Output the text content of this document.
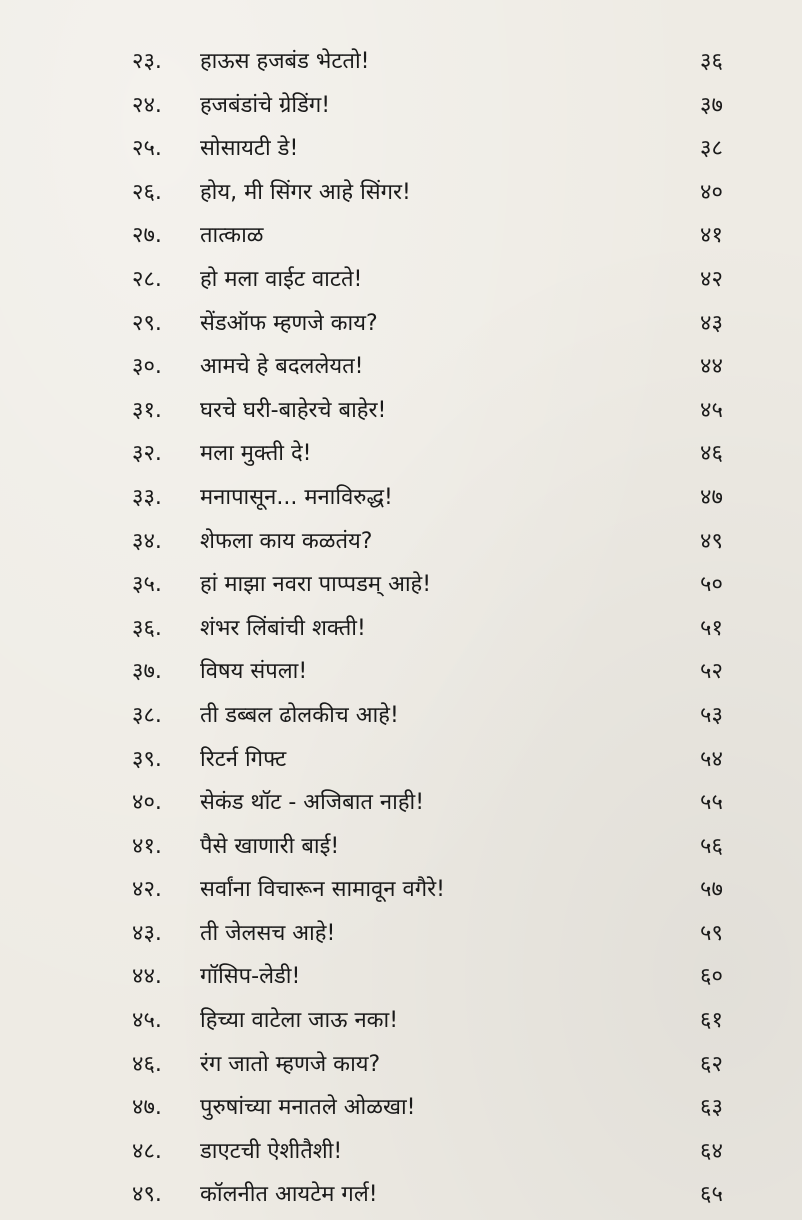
२३.	हाऊस हजबंड भेटतो!	३६
२४.	हजबंडांचे ग्रेडिंग!	३७
२५.	सोसायटी डे!	३८
२६.	होय, मी सिंगर आहे सिंगर!	४०
२७.	तात्काळ	४१
२८.	हो मला वाईट वाटते!	४२
२९.	सेंडऑफ म्हणजे काय?	४३
३०.	आमचे हे बदललेयत!	४४
३१.	घरचे घरी-बाहेरचे बाहेर!	४५
३२.	मला मुक्ती दे!	४६
३३.	मनापासून... मनाविरुद्ध!	४७
३४.	शेफला काय कळतंय?	४९
३५.	हां माझा नवरा पाप्पडम् आहे!	५०
३६.	शंभर लिंबांची शक्ती!	५१
३७.	विषय संपला!	५२
३८.	ती डब्बल ढोलकीच आहे!	५३
३९.	रिटर्न गिफ्ट	५४
४०.	सेकंड थॉट - अजिबात नाही!	५५
४१.	पैसे खाणारी बाई!	५६
४२.	सर्वांना विचारून सामावून वगैरे!	५७
४३.	ती जेलसच आहे!	५९
४४.	गॉसिप-लेडी!	६०
४५.	हिच्या वाटेला जाऊ नका!	६१
४६.	रंग जातो म्हणजे काय?	६२
४७.	पुरुषांच्या मनातले ओळखा!	६३
४८.	डाएटची ऐशीतैशी!	६४
४९.	कॉलनीत आयटेम गर्ल!	६५
